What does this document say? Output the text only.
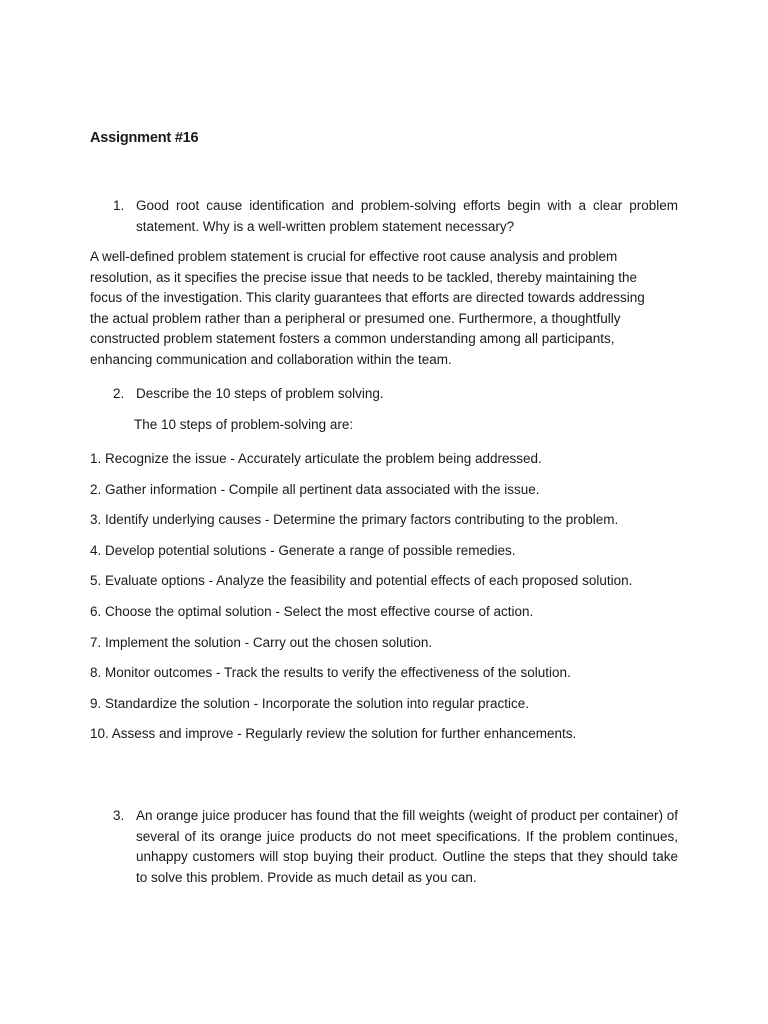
Assignment #16
1. Good root cause identification and problem-solving efforts begin with a clear problem statement. Why is a well-written problem statement necessary?
A well-defined problem statement is crucial for effective root cause analysis and problem resolution, as it specifies the precise issue that needs to be tackled, thereby maintaining the focus of the investigation. This clarity guarantees that efforts are directed towards addressing the actual problem rather than a peripheral or presumed one. Furthermore, a thoughtfully constructed problem statement fosters a common understanding among all participants, enhancing communication and collaboration within the team.
2. Describe the 10 steps of problem solving.
The 10 steps of problem-solving are:
1. Recognize the issue - Accurately articulate the problem being addressed.
2. Gather information - Compile all pertinent data associated with the issue.
3. Identify underlying causes - Determine the primary factors contributing to the problem.
4. Develop potential solutions - Generate a range of possible remedies.
5. Evaluate options - Analyze the feasibility and potential effects of each proposed solution.
6. Choose the optimal solution - Select the most effective course of action.
7. Implement the solution - Carry out the chosen solution.
8. Monitor outcomes - Track the results to verify the effectiveness of the solution.
9. Standardize the solution - Incorporate the solution into regular practice.
10. Assess and improve - Regularly review the solution for further enhancements.
3. An orange juice producer has found that the fill weights (weight of product per container) of several of its orange juice products do not meet specifications. If the problem continues, unhappy customers will stop buying their product. Outline the steps that they should take to solve this problem. Provide as much detail as you can.
